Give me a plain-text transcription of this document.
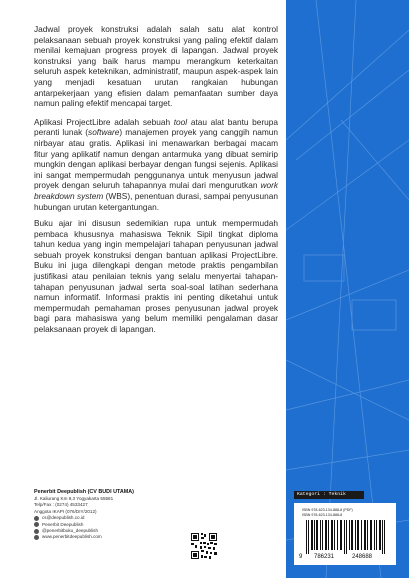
Jadwal proyek konstruksi adalah salah satu alat kontrol pelaksanaan sebuah proyek konstruksi yang paling efektif dalam menilai kemajuan progress proyek di lapangan. Jadwal proyek konstruksi yang baik harus mampu merangkum keterkaitan seluruh aspek keteknikan, administratif, maupun aspek-aspek lain yang menjadi kesatuan urutan rangkaian hubungan antarpekerjaan yang efisien dalam pemanfaatan sumber daya namun paling efektif mencapai target.

Aplikasi ProjectLibre adalah sebuah tool atau alat bantu berupa peranti lunak (software) manajemen proyek yang canggih namun nirbayar atau gratis. Aplikasi ini menawarkan berbagai macam fitur yang aplikatif namun dengan antarmuka yang dibuat semirip mungkin dengan aplikasi berbayar dengan fungsi sejenis. Aplikasi ini sangat mempermudah penggunanya untuk menyusun jadwal proyek dengan seluruh tahapannya mulai dari mengurutkan work breakdown system (WBS), penentuan durasi, sampai penyusunan hubungan urutan ketergantungan.

Buku ajar ini disusun sedemikian rupa untuk mempermudah pembaca khususnya mahasiswa Teknik Sipil tingkat diploma tahun kedua yang ingin mempelajari tahapan penyusunan jadwal sebuah proyek konstruksi dengan bantuan aplikasi ProjectLibre. Buku ini juga dilengkapi dengan metode praktis pengambilan justifikasi atau penilaian teknis yang selalu menyertai tahapan-tahapan penyusunan jadwal serta soal-soal latihan sederhana namun informatif. Informasi praktis ini penting diketahui untuk mempermudah pemahaman proses penyusunan jadwal proyek bagi para mahasiswa yang belum memiliki pengalaman dasar pelaksanaan proyek di lapangan.

Penerbit Deepublish (CV BUDI UTAMA)
Jl. Kaliurang Km 9,3 Yogyakarta 55581
Telp/Fax : (0274) 4533427
Anggota IKAPI (076/DIY/2012)
cs@deepublish.co.id
Penerbit Deepublish
@penerbitbuku_deepublish
www.penerbitdeepublish.com
Kategori : Teknik
ISBN 978-623-134-888-8 (PDF)
ISBN 978-623-134-888-8
9 786231	248688
